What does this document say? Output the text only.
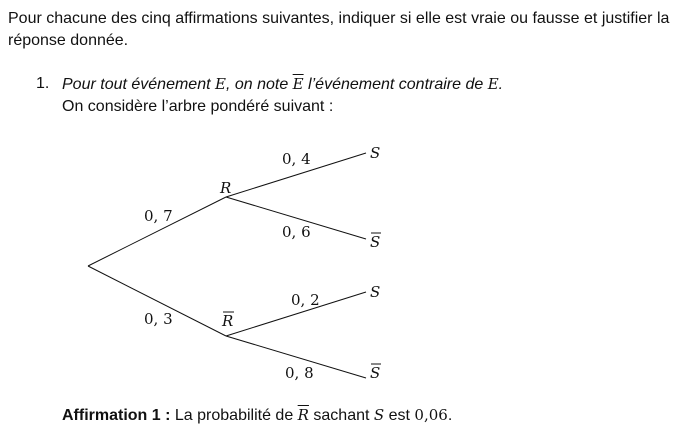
Pour chacune des cinq affirmations suivantes, indiquer si elle est vraie ou fausse et justifier la réponse donnée.
1. Pour tout événement E, on note $\overline{E}$ l’événement contraire de E.
On considère l’arbre pondéré suivant :
0, 7
0, 3
0, 4
0, 6
0, 2
0, 8
R
R
S
S
S
S
Affirmation 1 : La probabilité de $\overline{R}$ sachant S est 0,06.
